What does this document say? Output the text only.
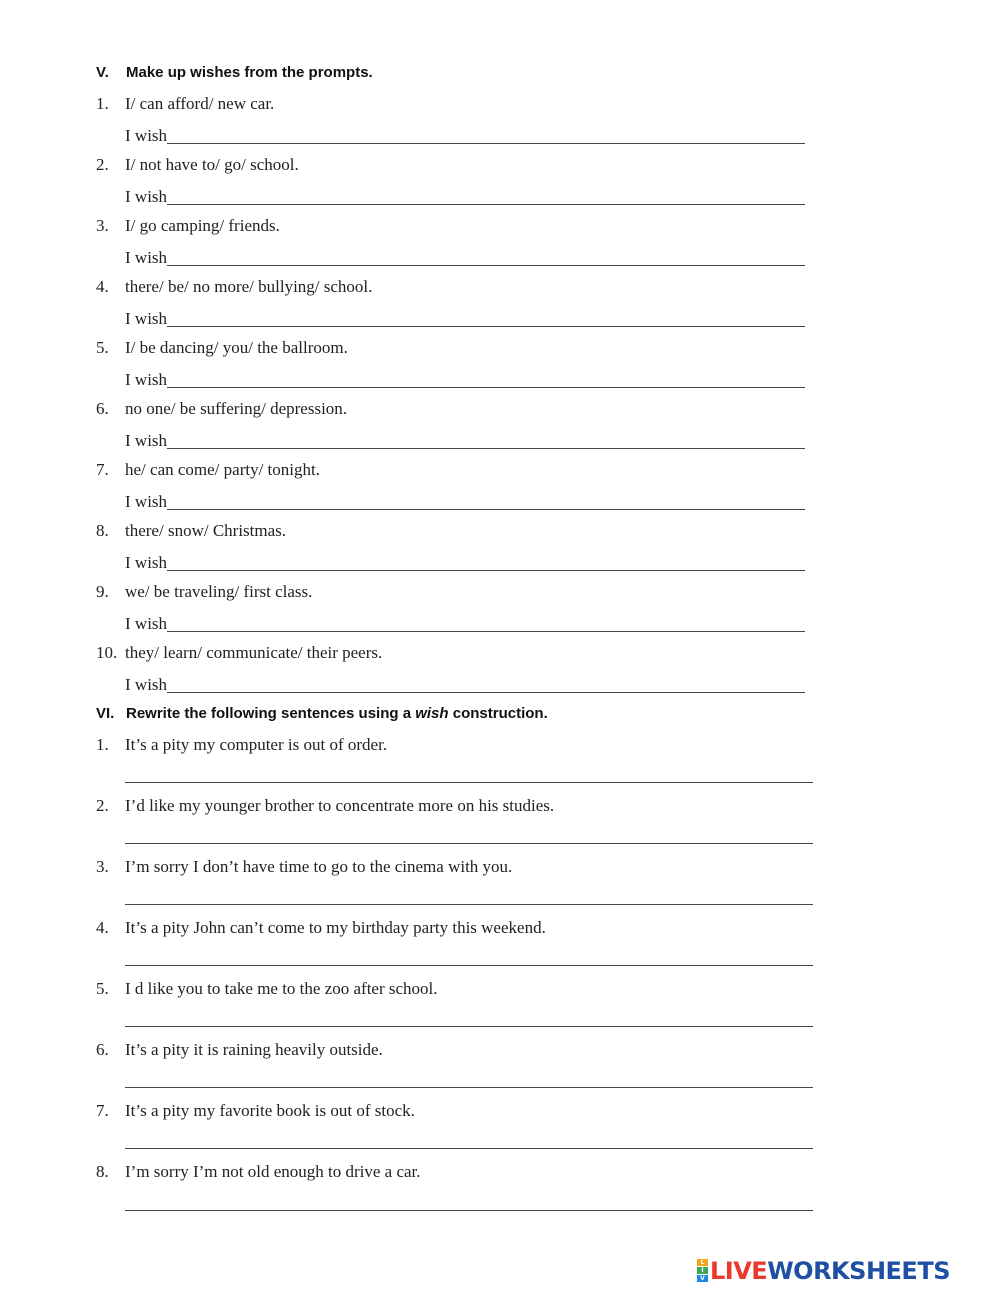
V. Make up wishes from the prompts.
1. I/ can afford/ new car.
I wish
2. I/ not have to/ go/ school.
I wish
3. I/ go camping/ friends.
I wish
4. there/ be/ no more/ bullying/ school.
I wish
5. I/ be dancing/ you/ the ballroom.
I wish
6. no one/ be suffering/ depression.
I wish
7. he/ can come/ party/ tonight.
I wish
8. there/ snow/ Christmas.
I wish
9. we/ be traveling/ first class.
I wish
10. they/ learn/ communicate/ their peers.
I wish
VI. Rewrite the following sentences using a wish construction.
1. It’s a pity my computer is out of order.
2. I’d like my younger brother to concentrate more on his studies.
3. I’m sorry I don’t have time to go to the cinema with you.
4. It’s a pity John can’t come to my birthday party this weekend.
5. I d like you to take me to the zoo after school.
6. It’s a pity it is raining heavily outside.
7. It’s a pity my favorite book is out of stock.
8. I’m sorry I’m not old enough to drive a car.
L
I
V LIVEWORKSHEETS
